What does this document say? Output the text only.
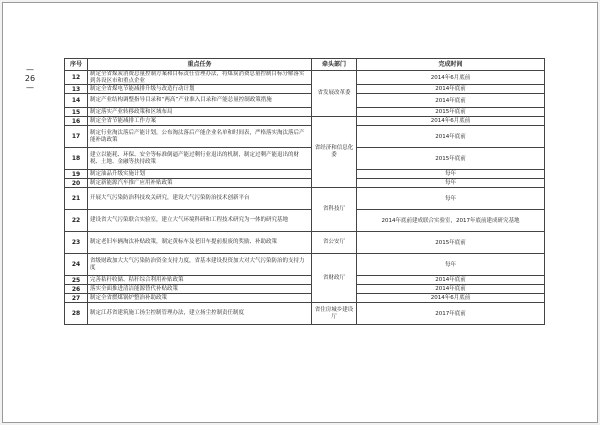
— 26 —
序号	重点任务	牵头部门	完成时间
12	制定全省煤炭消费总量控制方案和目标责任管理办法，将煤炭消费总量控制目标分解落实到各设区市和重点企业	省发展改革委	2014年6月底前
13	制定全省煤电节能减排升级与改造行动计划		2014年底前
14	制定产业结构调整指导目录和“两高”产业准入目录和产能总量控制政策措施		2014年底前
15	制定落实产业转移政策和区域布局		2015年底前
16	制定全省节能减排工作方案	省经济和信息化委	2014年6月底前
17	制定行业淘汰落后产能计划，公布淘汰落后产能企业名单和时间表，严格落实淘汰落后产能补助政策		2014年底前
18	建立以能耗、环保、安全等标准倒逼产能过剩行业退出的机制，制定过剩产能退出的财税、土地、金融等扶持政策		2015年底前
19	制定油品升级实施计划		每年
20	制定新能源汽车推广应用补贴政策		每年
21	开展大气污染防治科技攻关研究，建设大气污染防治技术创新平台	省科技厅	每年
22	建设省大气污染联合实验室，建立大气环境科研和工程技术研究为一体的研究基地		2014年底前建成联合实验室，2017年底前建成研究基地
23	制定老旧车辆淘汰补贴政策，制定黄标车及老旧车提前报废的奖励、补助政策	省公安厅	2015年底前
24	省级财政加大大气污染防治资金支持力度，省基本建设投资加大对大气污染防治的支持力度	省财政厅	每年
25	完善秸秆收储、秸秆综合利用补贴政策		2014年底前
26	落实全面推进清洁能源替代补贴政策		2014年底前
27	制定全省燃煤锅炉整治补助政策		2014年6月底前
28	制定江苏省建筑施工扬尘控制管理办法，建立扬尘控制责任制度	省住房城乡建设厅	2017年底前
